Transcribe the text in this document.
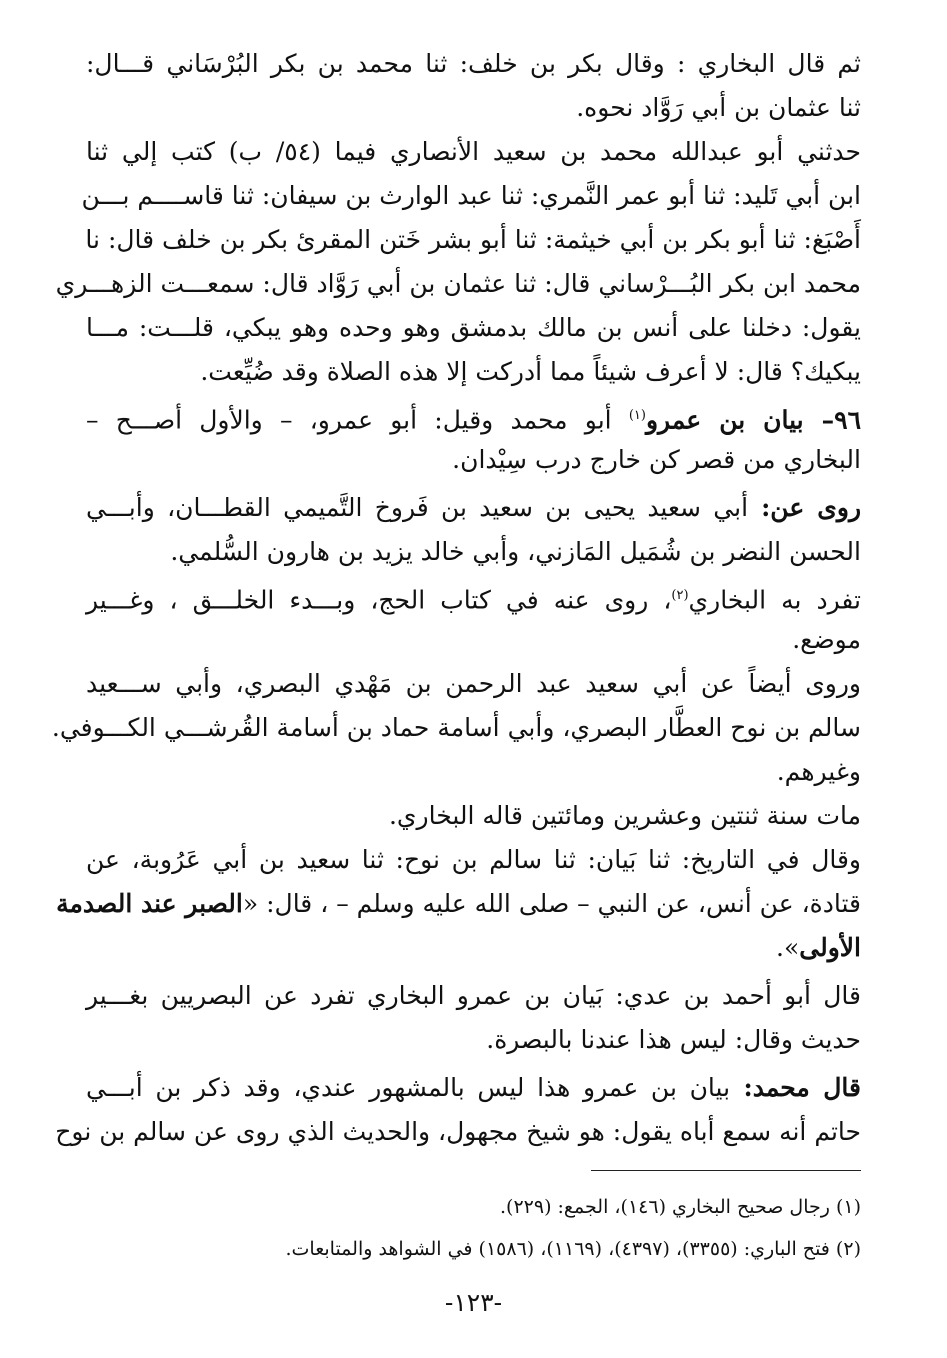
ثم قال البخاري : وقال بكر بن خلف: ثنا محمد بن بكر البُرْسَاني قـــال:
ثنا عثمان بن أبي رَوَّاد نحوه.
حدثني أبو عبدالله محمد بن سعيد الأنصاري فيما (٥٤/ ب) كتب إلي ثنا
ابن أبي تَليد: ثنا أبو عمر النَّمري: ثنا عبد الوارث بن سيفان: ثنا قاســــم بـــن
أَصْبَغ: ثنا أبو بكر بن أبي خيثمة: ثنا أبو بشر خَتن المقرئ بكر بن خلف قال: نا
محمد ابن بكر البُـــرْساني قال: ثنا عثمان بن أبي رَوَّاد قال: سمعـــت الزهـــري
يقول: دخلنا على أنس بن مالك بدمشق وهو وحده وهو يبكي، قلـــت: مـــا
يبكيك؟ قال: لا أعرف شيئاً مما أدركت إلا هذه الصلاة وقد ضُيِّعت.
٩٦– بيان بن عمرو$^{(١)}$ أبو محمد وقيل: أبو عمرو، – والأول أصـــح –
البخاري من قصر كن خارج درب سِيْدان.
روى عن: أبي سعيد يحيى بن سعيد بن فَروخ التَّميمي القطـــان، وأبـــي
الحسن النضر بن شُمَيل المَازني، وأبي خالد يزيد بن هارون السُّلمي.
تفرد به البخاري$^{(٢)}$، روى عنه في كتاب الحج، وبـــدء الخلـــق ، وغـــير
موضع.
وروى أيضاً عن أبي سعيد عبد الرحمن بن مَهْدي البصري، وأبي ســـعيد
سالم بن نوح العطَّار البصري، وأبي أسامة حماد بن أسامة القُرشـــي الكـــوفي.
وغيرهم.
مات سنة ثنتين وعشرين ومائتين قاله البخاري.
وقال في التاريخ: ثنا بَيان: ثنا سالم بن نوح: ثنا سعيد بن أبي عَرُوبة، عن
قتادة، عن أنس، عن النبي – صلى الله عليه وسلم – ، قال: «الصبر عند الصدمة
الأولى».
قال أبو أحمد بن عدي: بَيان بن عمرو البخاري تفرد عن البصريين بغـــير
حديث وقال: ليس هذا عندنا بالبصرة.
قال محمد: بيان بن عمرو هذا ليس بالمشهور عندي، وقد ذكر بن أبـــي
حاتم أنه سمع أباه يقول: هو شيخ مجهول، والحديث الذي روى عن سالم بن نوح
(١) رجال صحيح البخاري (١٤٦)، الجمع: (٢٢٩).
(٢) فتح الباري: (٣٣٥٥)، (٤٣٩٧)، (١١٦٩)، (١٥٨٦) في الشواهد والمتابعات.
-١٢٣-
